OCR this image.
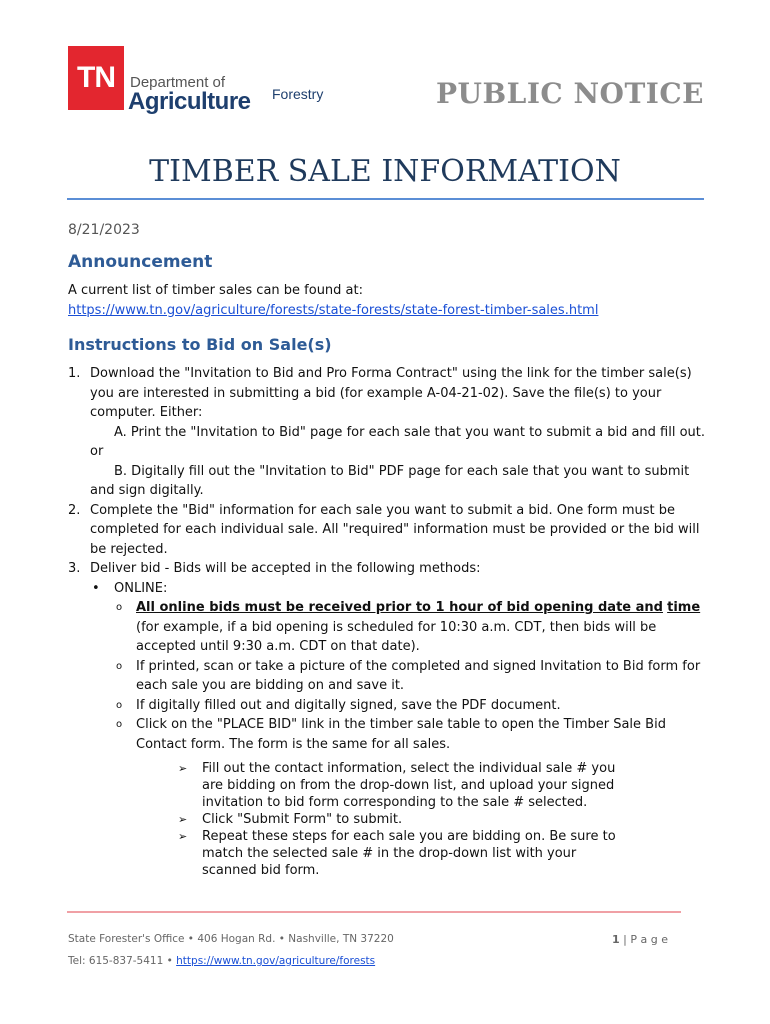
TN	Department of
Agriculture Forestry	PUBLIC NOTICE
TIMBER SALE INFORMATION
8/21/2023
Announcement
A current list of timber sales can be found at:
https://www.tn.gov/agriculture/forests/state-forests/state-forest-timber-sales.html
Instructions to Bid on Sale(s)
1. Download the "Invitation to Bid and Pro Forma Contract" using the link for the timber sale(s) you are interested in submitting a bid (for example A-04-21-02). Save the file(s) to your computer. Either:
A. Print the "Invitation to Bid" page for each sale that you want to submit a bid and fill out.
or
B. Digitally fill out the "Invitation to Bid" PDF page for each sale that you want to submit
and sign digitally.
2. Complete the "Bid" information for each sale you want to submit a bid. One form must be completed for each individual sale. All "required" information must be provided or the bid will be rejected.
3. Deliver bid - Bids will be accepted in the following methods:
• ONLINE:
o All online bids must be received prior to 1 hour of bid opening date and time (for example, if a bid opening is scheduled for 10:30 a.m. CDT, then bids will be accepted until 9:30 a.m. CDT on that date).
o If printed, scan or take a picture of the completed and signed Invitation to Bid form for each sale you are bidding on and save it.
o If digitally filled out and digitally signed, save the PDF document.
o Click on the "PLACE BID" link in the timber sale table to open the Timber Sale Bid Contact form. The form is the same for all sales.
➢ Fill out the contact information, select the individual sale # you are bidding on from the drop-down list, and upload your signed invitation to bid form corresponding to the sale # selected.
➢ Click "Submit Form" to submit.
➢ Repeat these steps for each sale you are bidding on. Be sure to match the selected sale # in the drop-down list with your scanned bid form.
State Forester's Office • 406 Hogan Rd. • Nashville, TN 37220
Tel: 615-837-5411 • https://www.tn.gov/agriculture/forests
1 | P a g e
